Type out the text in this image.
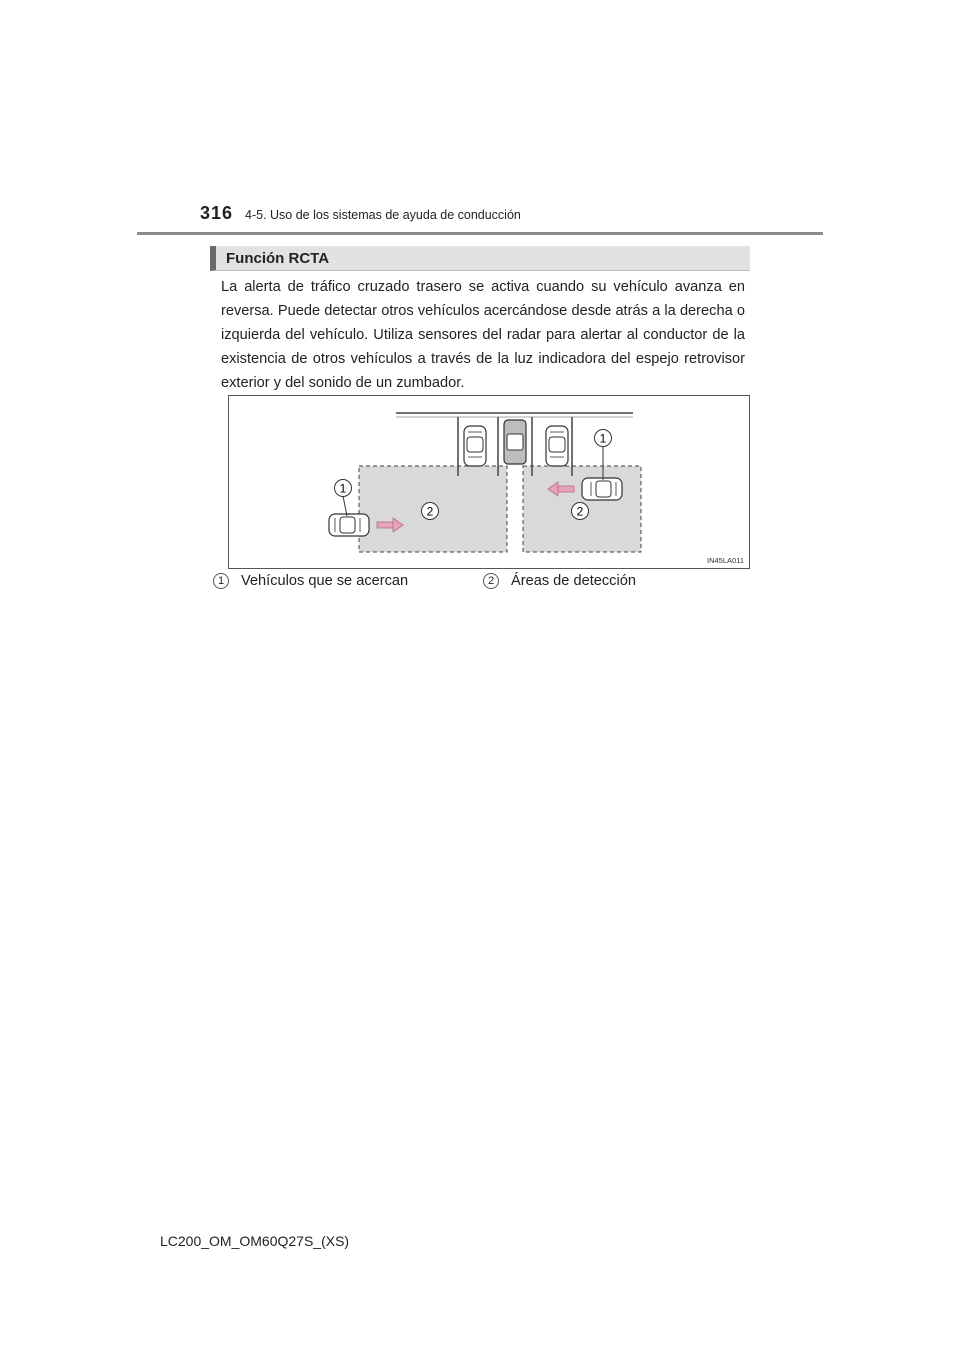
316 4-5. Uso de los sistemas de ayuda de conducción
Función RCTA
La alerta de tráfico cruzado trasero se activa cuando su vehículo avanza en reversa. Puede detectar otros vehículos acercándose desde atrás a la derecha o izquierda del vehículo. Utiliza sensores del radar para alertar al conductor de la existencia de otros vehículos a través de la luz indicadora del espejo retrovisor exterior y del sonido de un zumbador.
1
2
1
2
IN45LA011
1	Vehículos que se acercan	2	Áreas de detección
LC200_OM_OM60Q27S_(XS)
